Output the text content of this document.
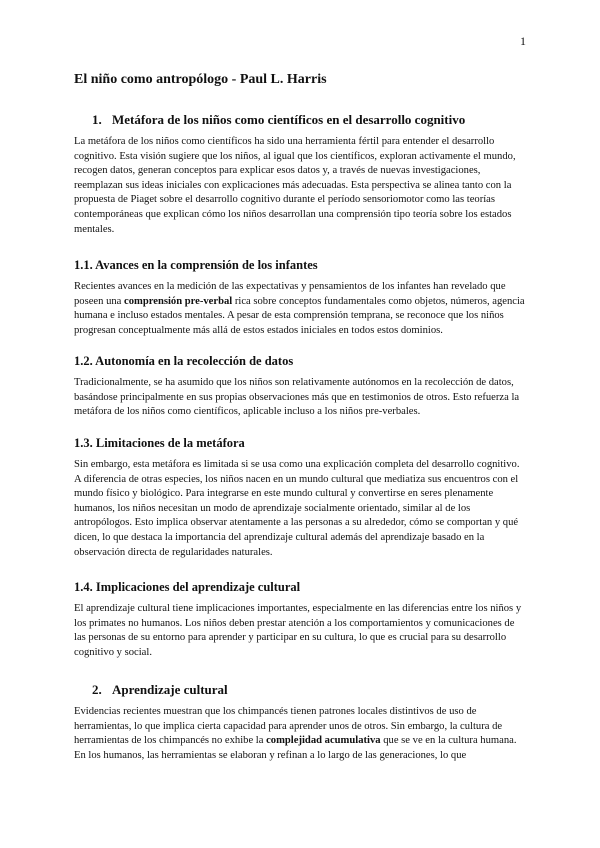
1
El niño como antropólogo - Paul L. Harris
1. Metáfora de los niños como científicos en el desarrollo cognitivo

La metáfora de los niños como científicos ha sido una herramienta fértil para entender el desarrollo cognitivo. Esta visión sugiere que los niños, al igual que los científicos, exploran activamente el mundo, recogen datos, generan conceptos para explicar esos datos y, a través de nuevas investigaciones, reemplazan sus ideas iniciales con explicaciones más adecuadas. Esta perspectiva se alinea tanto con la propuesta de Piaget sobre el desarrollo cognitivo durante el período sensoriomotor como las teorías contemporáneas que explican cómo los niños desarrollan una comprensión tipo teoría sobre los estados mentales.

1.1. Avances en la comprensión de los infantes

Recientes avances en la medición de las expectativas y pensamientos de los infantes han revelado que poseen una comprensión pre-verbal rica sobre conceptos fundamentales como objetos, números, agencia humana e incluso estados mentales. A pesar de esta comprensión temprana, se reconoce que los niños progresan conceptualmente más allá de estos estados iniciales en todos estos dominios.

1.2. Autonomía en la recolección de datos

Tradicionalmente, se ha asumido que los niños son relativamente autónomos en la recolección de datos, basándose principalmente en sus propias observaciones más que en testimonios de otros. Esto refuerza la metáfora de los niños como científicos, aplicable incluso a los niños pre-verbales.

1.3. Limitaciones de la metáfora

Sin embargo, esta metáfora es limitada si se usa como una explicación completa del desarrollo cognitivo. A diferencia de otras especies, los niños nacen en un mundo cultural que mediatiza sus encuentros con el mundo físico y biológico. Para integrarse en este mundo cultural y convertirse en seres plenamente humanos, los niños necesitan un modo de aprendizaje socialmente orientado, similar al de los antropólogos. Esto implica observar atentamente a las personas a su alrededor, cómo se comportan y qué dicen, lo que destaca la importancia del aprendizaje cultural además del aprendizaje basado en la observación directa de regularidades naturales.

1.4. Implicaciones del aprendizaje cultural

El aprendizaje cultural tiene implicaciones importantes, especialmente en las diferencias entre los niños y los primates no humanos. Los niños deben prestar atención a los comportamientos y comunicaciones de las personas de su entorno para aprender y participar en su cultura, lo que es crucial para su desarrollo cognitivo y social.

2. Aprendizaje cultural

Evidencias recientes muestran que los chimpancés tienen patrones locales distintivos de uso de herramientas, lo que implica cierta capacidad para aprender unos de otros. Sin embargo, la cultura de herramientas de los chimpancés no exhibe la complejidad acumulativa que se ve en la cultura humana. En los humanos, las herramientas se elaboran y refinan a lo largo de las generaciones, lo que
